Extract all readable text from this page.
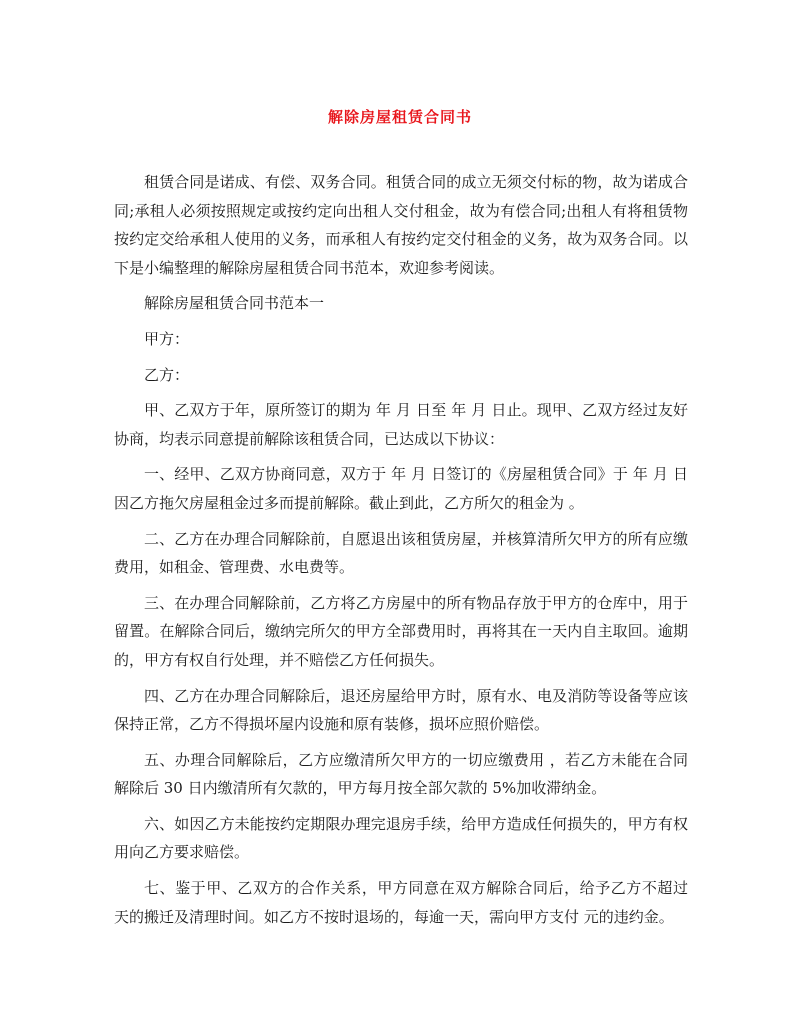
解除房屋租赁合同书

租赁合同是诺成、有偿、双务合同。租赁合同的成立无须交付标的物，故为诺成合同;承租人必须按照规定或按约定向出租人交付租金，故为有偿合同;出租人有将租赁物按约定交给承租人使用的义务，而承租人有按约定交付租金的义务，故为双务合同。以下是小编整理的解除房屋租赁合同书范本，欢迎参考阅读。

解除房屋租赁合同书范本一

甲方：

乙方：

甲、乙双方于年，原所签订的期为 年 月 日至 年 月 日止。现甲、乙双方经过友好协商，均表示同意提前解除该租赁合同，已达成以下协议：

一、经甲、乙双方协商同意，双方于 年 月 日签订的《房屋租赁合同》于 年 月 日因乙方拖欠房屋租金过多而提前解除。截止到此，乙方所欠的租金为 。

二、乙方在办理合同解除前，自愿退出该租赁房屋，并核算清所欠甲方的所有应缴费用，如租金、管理费、水电费等。

三、在办理合同解除前，乙方将乙方房屋中的所有物品存放于甲方的仓库中，用于留置。在解除合同后，缴纳完所欠的甲方全部费用时，再将其在一天内自主取回。逾期的，甲方有权自行处理，并不赔偿乙方任何损失。

四、乙方在办理合同解除后，退还房屋给甲方时，原有水、电及消防等设备等应该保持正常，乙方不得损坏屋内设施和原有装修，损坏应照价赔偿。

五、办理合同解除后，乙方应缴清所欠甲方的一切应缴费用 ，若乙方未能在合同解除后 30 日内缴清所有欠款的，甲方每月按全部欠款的 5%加收滞纳金。

六、如因乙方未能按约定期限办理完退房手续，给甲方造成任何损失的，甲方有权用向乙方要求赔偿。

七、鉴于甲、乙双方的合作关系，甲方同意在双方解除合同后，给予乙方不超过 天的搬迁及清理时间。如乙方不按时退场的，每逾一天，需向甲方支付 元的违约金。
